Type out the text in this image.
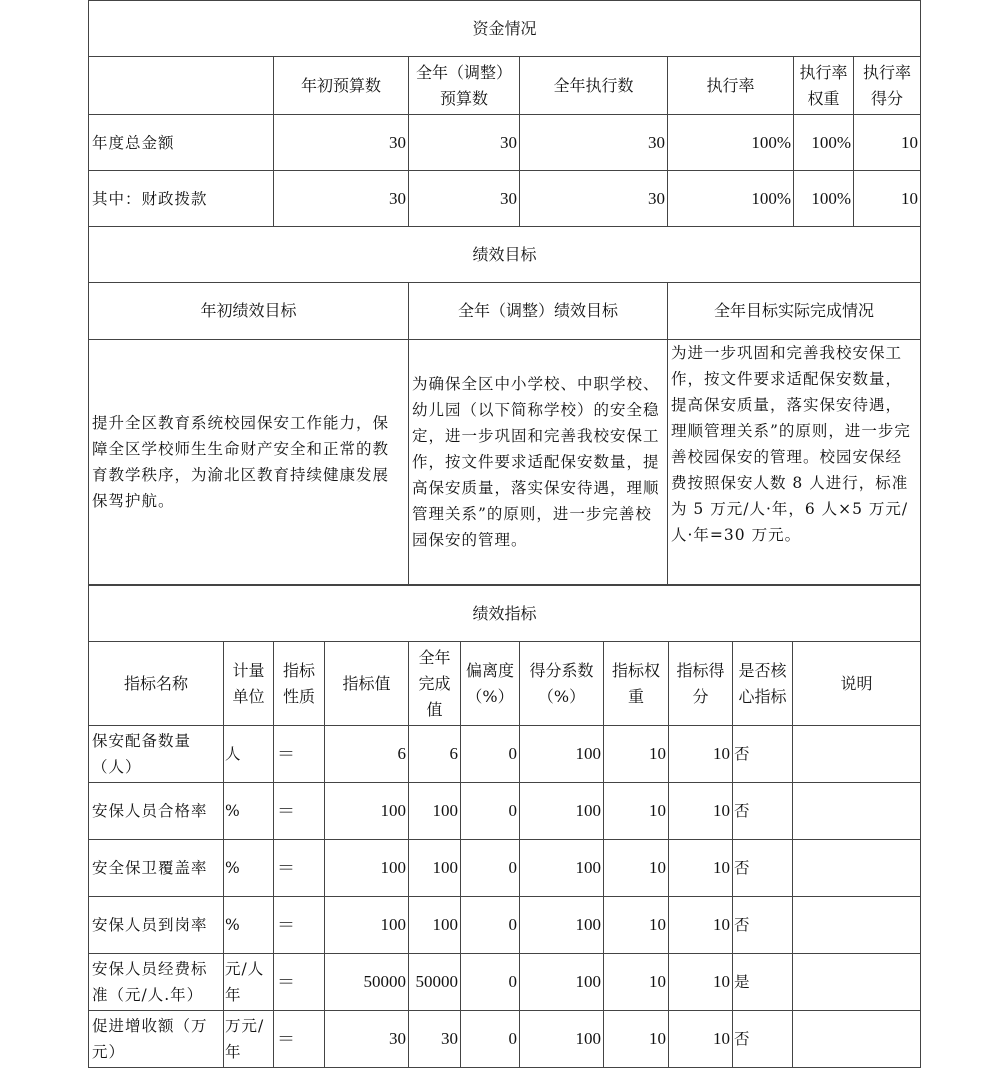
资金情况						
	年初预算数	全年（调整）预算数	全年执行数	执行率	执行率权重	执行率得分
年度总金额	30	30	30	100%	100%	10
其中：财政拨款	30	30	30	100%	100%	10
绩效目标		
年初绩效目标	全年（调整）绩效目标	全年目标实际完成情况
提升全区教育系统校园保安工作能力，保障全区学校师生生命财产安全和正常的教育教学秩序，为渝北区教育持续健康发展保驾护航。	为确保全区中小学校、中职学校、幼儿园（以下简称学校）的安全稳定，进一步巩固和完善我校安保工作，按文件要求适配保安数量，提高保安质量，落实保安待遇，理顺管理关系”的原则，进一步完善校园保安的管理。	为进一步巩固和完善我校安保工作，按文件要求适配保安数量，提高保安质量，落实保安待遇，理顺管理关系”的原则，进一步完善校园保安的管理。校园安保经费按照保安人数 8 人进行，标准为 5 万元/人·年，6 人×5 万元/人·年=30 万元。
绩效指标										
指标名称	计量单位	指标性质	指标值	全年完成值	偏离度（%）	得分系数（%）	指标权重	指标得分	是否核心指标	说明
保安配备数量（人）	人	＝	6	6	0	100	10	10	否	
安保人员合格率	%	＝	100	100	0	100	10	10	否	
安全保卫覆盖率	%	＝	100	100	0	100	10	10	否	
安保人员到岗率	%	＝	100	100	0	100	10	10	否	
安保人员经费标准（元/人.年）	元/人年	＝	50000	50000	0	100	10	10	是	
促进增收额（万元）	万元/年	＝	30	30	0	100	10	10	否	
